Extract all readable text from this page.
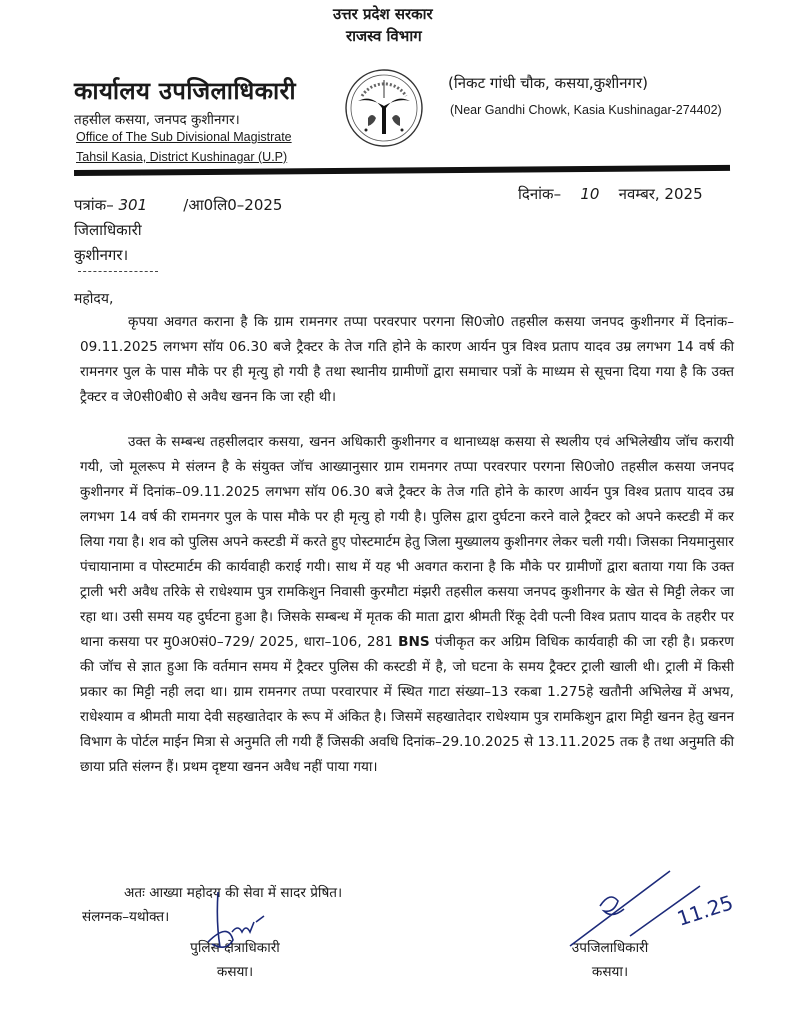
उत्तर प्रदेश सरकार
राजस्व विभाग
कार्यालय उपजिलाधिकारी
तहसील कसया, जनपद कुशीनगर।
Office of The Sub Divisional Magistrate
Tahsil Kasia, District Kushinagar (U.P)
(निकट गांधी चौक, कसया,कुशीनगर)
(Near Gandhi Chowk, Kasia Kushinagar-274402)
पत्रांक– 301 /आ0लि0–2025
दिनांक– 10 नवम्बर, 2025
जिलाधिकारी
कुशीनगर।
महोदय,
कृपया अवगत कराना है कि ग्राम रामनगर तप्पा परवरपार परगना सि0जो0 तहसील कसया जनपद कुशीनगर में दिनांक–09.11.2025 लगभग सॉय 06.30 बजे ट्रैक्टर के तेज गति होने के कारण आर्यन पुत्र विश्व प्रताप यादव उम्र लगभग 14 वर्ष की रामनगर पुल के पास मौके पर ही मृत्यु हो गयी है तथा स्थानीय ग्रामीणों द्वारा समाचार पत्रों के माध्यम से सूचना दिया गया है कि उक्त ट्रैक्टर व जे0सी0बी0 से अवैध खनन कि जा रही थी।
उक्त के सम्बन्ध तहसीलदार कसया, खनन अधिकारी कुशीनगर व थानाध्यक्ष कसया से स्थलीय एवं अभिलेखीय जॉच करायी गयी, जो मूलरूप मे संलग्न है के संयुक्त जॉच आख्यानुसार ग्राम रामनगर तप्पा परवरपार परगना सि0जो0 तहसील कसया जनपद कुशीनगर में दिनांक–09.11.2025 लगभग सॉय 06.30 बजे ट्रैक्टर के तेज गति होने के कारण आर्यन पुत्र विश्व प्रताप यादव उम्र लगभग 14 वर्ष की रामनगर पुल के पास मौके पर ही मृत्यु हो गयी है। पुलिस द्वारा दुर्घटना करने वाले ट्रैक्टर को अपने कस्टडी में कर लिया गया है। शव को पुलिस अपने कस्टडी में करते हुए पोस्टमार्टम हेतु जिला मुख्यालय कुशीनगर लेकर चली गयी। जिसका नियमानुसार पंचायानामा व पोस्टमार्टम की कार्यवाही कराई गयी। साथ में यह भी अवगत कराना है कि मौके पर ग्रामीणों द्वारा बताया गया कि उक्त ट्राली भरी अवैध तरिके से राधेश्याम पुत्र रामकिशुन निवासी कुरमौटा मंझरी तहसील कसया जनपद कुशीनगर के खेत से मिट्टी लेकर जा रहा था। उसी समय यह दुर्घटना हुआ है। जिसके सम्बन्ध में मृतक की माता द्वारा श्रीमती रिंकू देवी पत्नी विश्व प्रताप यादव के तहरीर पर थाना कसया पर मु0अ0सं0–729/ 2025, धारा–106, 281 BNS पंजीकृत कर अग्रिम विधिक कार्यवाही की जा रही है। प्रकरण की जॉच से ज्ञात हुआ कि वर्तमान समय में ट्रैक्टर पुलिस की कस्टडी में है, जो घटना के समय ट्रैक्टर ट्राली खाली थी। ट्राली में किसी प्रकार का मिट्टी नही लदा था। ग्राम रामनगर तप्पा परवारपार में स्थित गाटा संख्या–13 रकबा 1.275हे खतौनी अभिलेख में अभय, राधेश्याम व श्रीमती माया देवी सहखातेदार के रूप में अंकित है। जिसमें सहखातेदार राधेश्याम पुत्र रामकिशुन द्वारा मिट्टी खनन हेतु खनन विभाग के पोर्टल माईन मित्रा से अनुमति ली गयी हैं जिसकी अवधि दिनांक–29.10.2025 से 13.11.2025 तक है तथा अनुमति की छाया प्रति संलग्न हैं। प्रथम दृष्टया खनन अवैध नहीं पाया गया।
अतः आख्या महोदय की सेवा में सादर प्रेषित।
संलग्नक–यथोक्त।
पुलिस क्षेत्राधिकारी
कसया।
11.25
उपजिलाधिकारी
कसया।
